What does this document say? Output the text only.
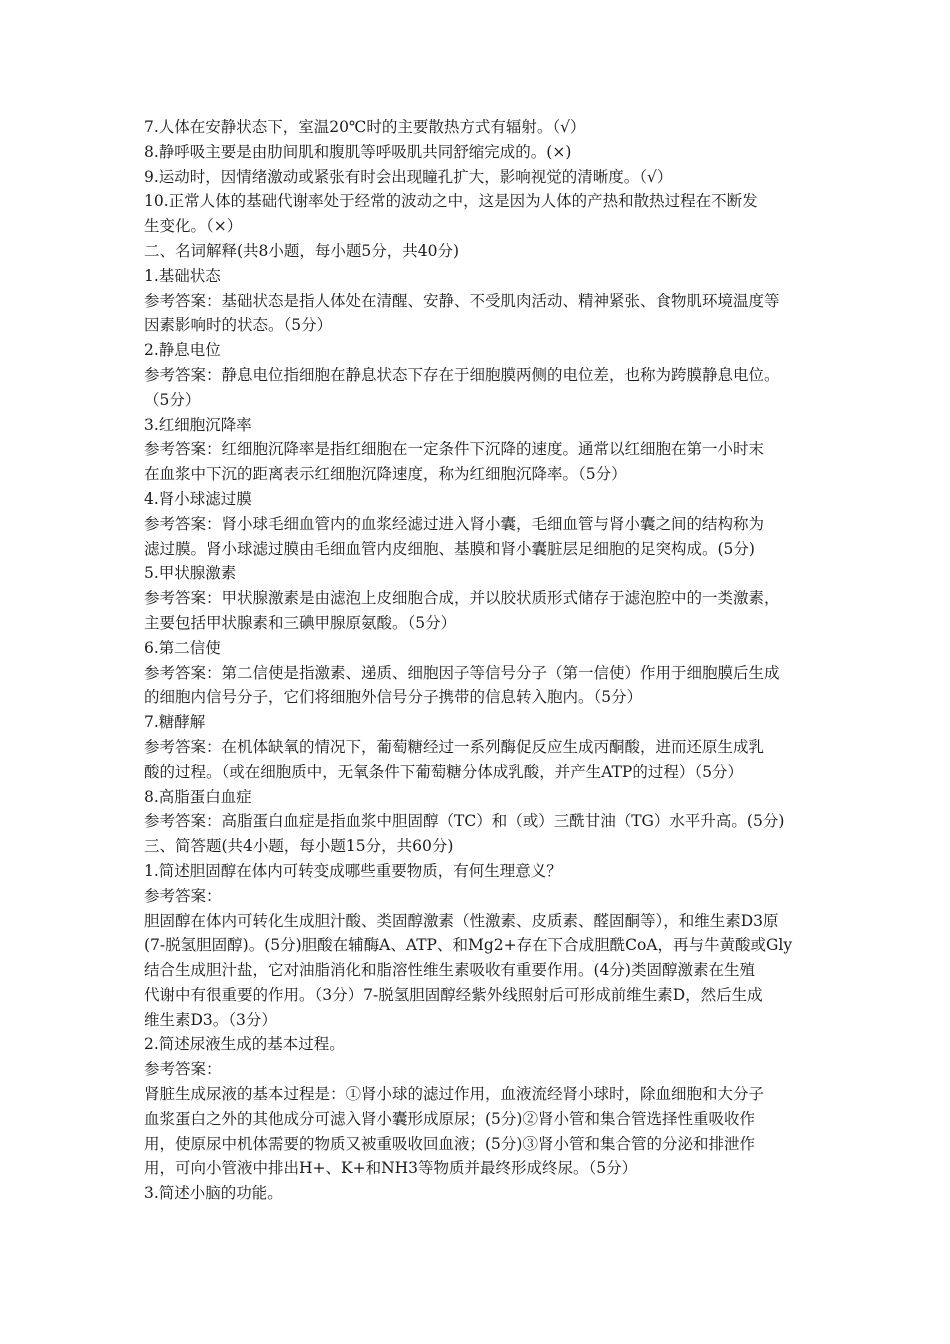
7.人体在安静状态下，室温20℃时的主要散热方式有辐射。（√）

8.静呼吸主要是由肋间肌和腹肌等呼吸肌共同舒缩完成的。(×)

9.运动时，因情绪激动或紧张有时会出现瞳孔扩大，影响视觉的清晰度。（√）

10.正常人体的基础代谢率处于经常的波动之中，这是因为人体的产热和散热过程在不断发

生变化。（×）

二、名词解释(共8小题，每小题5分，共40分)

1.基础状态

参考答案：基础状态是指人体处在清醒、安静、不受肌肉活动、精神紧张、食物肌环境温度等

因素影响时的状态。（5分）

2.静息电位

参考答案：静息电位指细胞在静息状态下存在于细胞膜两侧的电位差，也称为跨膜静息电位。

（5分）

3.红细胞沉降率

参考答案：红细胞沉降率是指红细胞在一定条件下沉降的速度。通常以红细胞在第一小时末

在血浆中下沉的距离表示红细胞沉降速度，称为红细胞沉降率。（5分）

4.肾小球滤过膜

参考答案：肾小球毛细血管内的血浆经滤过进入肾小囊，毛细血管与肾小囊之间的结构称为

滤过膜。肾小球滤过膜由毛细血管内皮细胞、基膜和肾小囊脏层足细胞的足突构成。(5分)

5.甲状腺激素

参考答案：甲状腺激素是由滤泡上皮细胞合成，并以胶状质形式储存于滤泡腔中的一类激素，

主要包括甲状腺素和三碘甲腺原氨酸。（5分）

6.第二信使

参考答案：第二信使是指激素、递质、细胞因子等信号分子（第一信使）作用于细胞膜后生成

的细胞内信号分子，它们将细胞外信号分子携带的信息转入胞内。（5分）

7.糖酵解

参考答案：在机体缺氧的情况下，葡萄糖经过一系列酶促反应生成丙酮酸，进而还原生成乳

酸的过程。（或在细胞质中，无氧条件下葡萄糖分体成乳酸，并产生ATP的过程）（5分）

8.高脂蛋白血症

参考答案：高脂蛋白血症是指血浆中胆固醇（TC）和（或）三酰甘油（TG）水平升高。(5分)

三、简答题(共4小题，每小题15分，共60分)

1.简述胆固醇在体内可转变成哪些重要物质，有何生理意义？

参考答案：

胆固醇在体内可转化生成胆汁酸、类固醇激素（性激素、皮质素、醛固酮等），和维生素D3原

(7-脱氢胆固醇)。(5分)胆酸在辅酶A、ATP、和Mg2+存在下合成胆酰CoA，再与牛黄酸或Gly

结合生成胆汁盐，它对油脂消化和脂溶性维生素吸收有重要作用。(4分)类固醇激素在生殖

代谢中有很重要的作用。（3分）7-脱氢胆固醇经紫外线照射后可形成前维生素D，然后生成

维生素D3。（3分）

2.简述尿液生成的基本过程。

参考答案：

肾脏生成尿液的基本过程是：①肾小球的滤过作用，血液流经肾小球时，除血细胞和大分子

血浆蛋白之外的其他成分可滤入肾小囊形成原尿；(5分)②肾小管和集合管选择性重吸收作

用，使原尿中机体需要的物质又被重吸收回血液；(5分)③肾小管和集合管的分泌和排泄作

用，可向小管液中排出H+、K+和NH3等物质并最终形成终尿。（5分）

3.简述小脑的功能。
